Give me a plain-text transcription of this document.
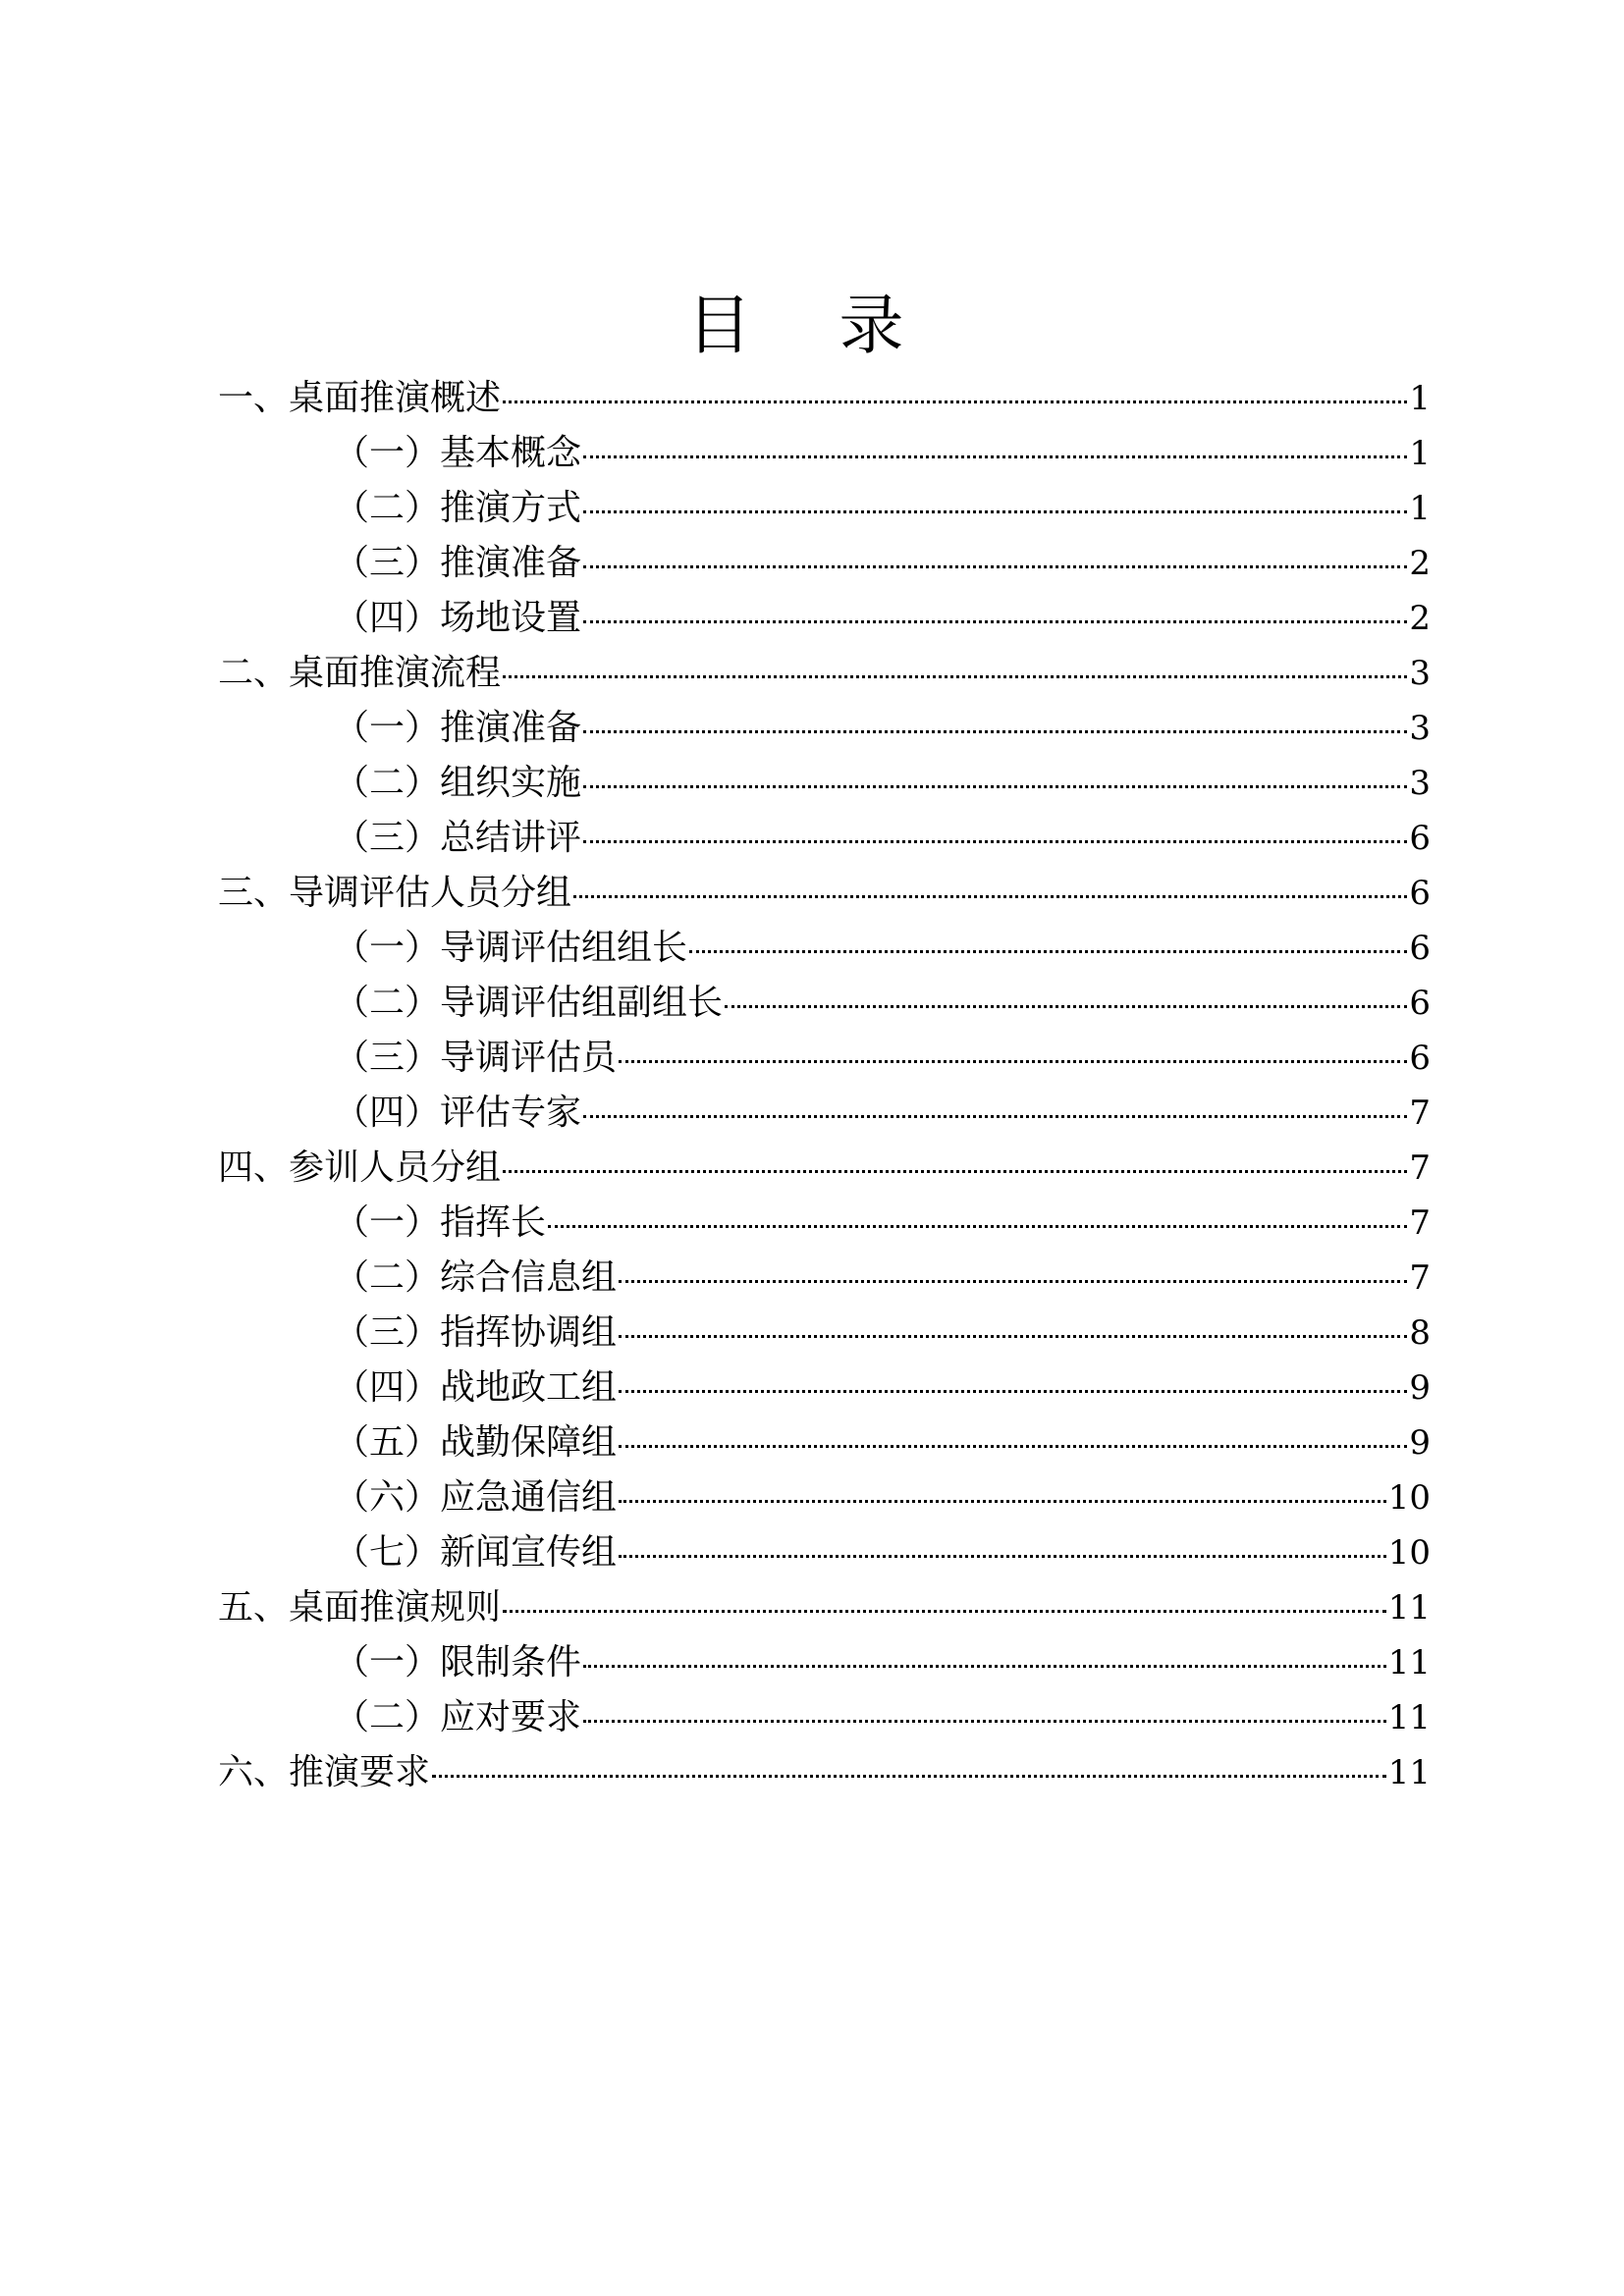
目 录
一、桌面推演概述	1
（一）基本概念	1
（二）推演方式	1
（三）推演准备	2
（四）场地设置	2
二、桌面推演流程	3
（一）推演准备	3
（二）组织实施	3
（三）总结讲评	6
三、导调评估人员分组	6
（一）导调评估组组长	6
（二）导调评估组副组长	6
（三）导调评估员	6
（四）评估专家	7
四、参训人员分组	7
（一）指挥长	7
（二）综合信息组	7
（三）指挥协调组	8
（四）战地政工组	9
（五）战勤保障组	9
（六）应急通信组	10
（七）新闻宣传组	10
五、桌面推演规则	11
（一）限制条件	11
（二）应对要求	11
六、推演要求	11
